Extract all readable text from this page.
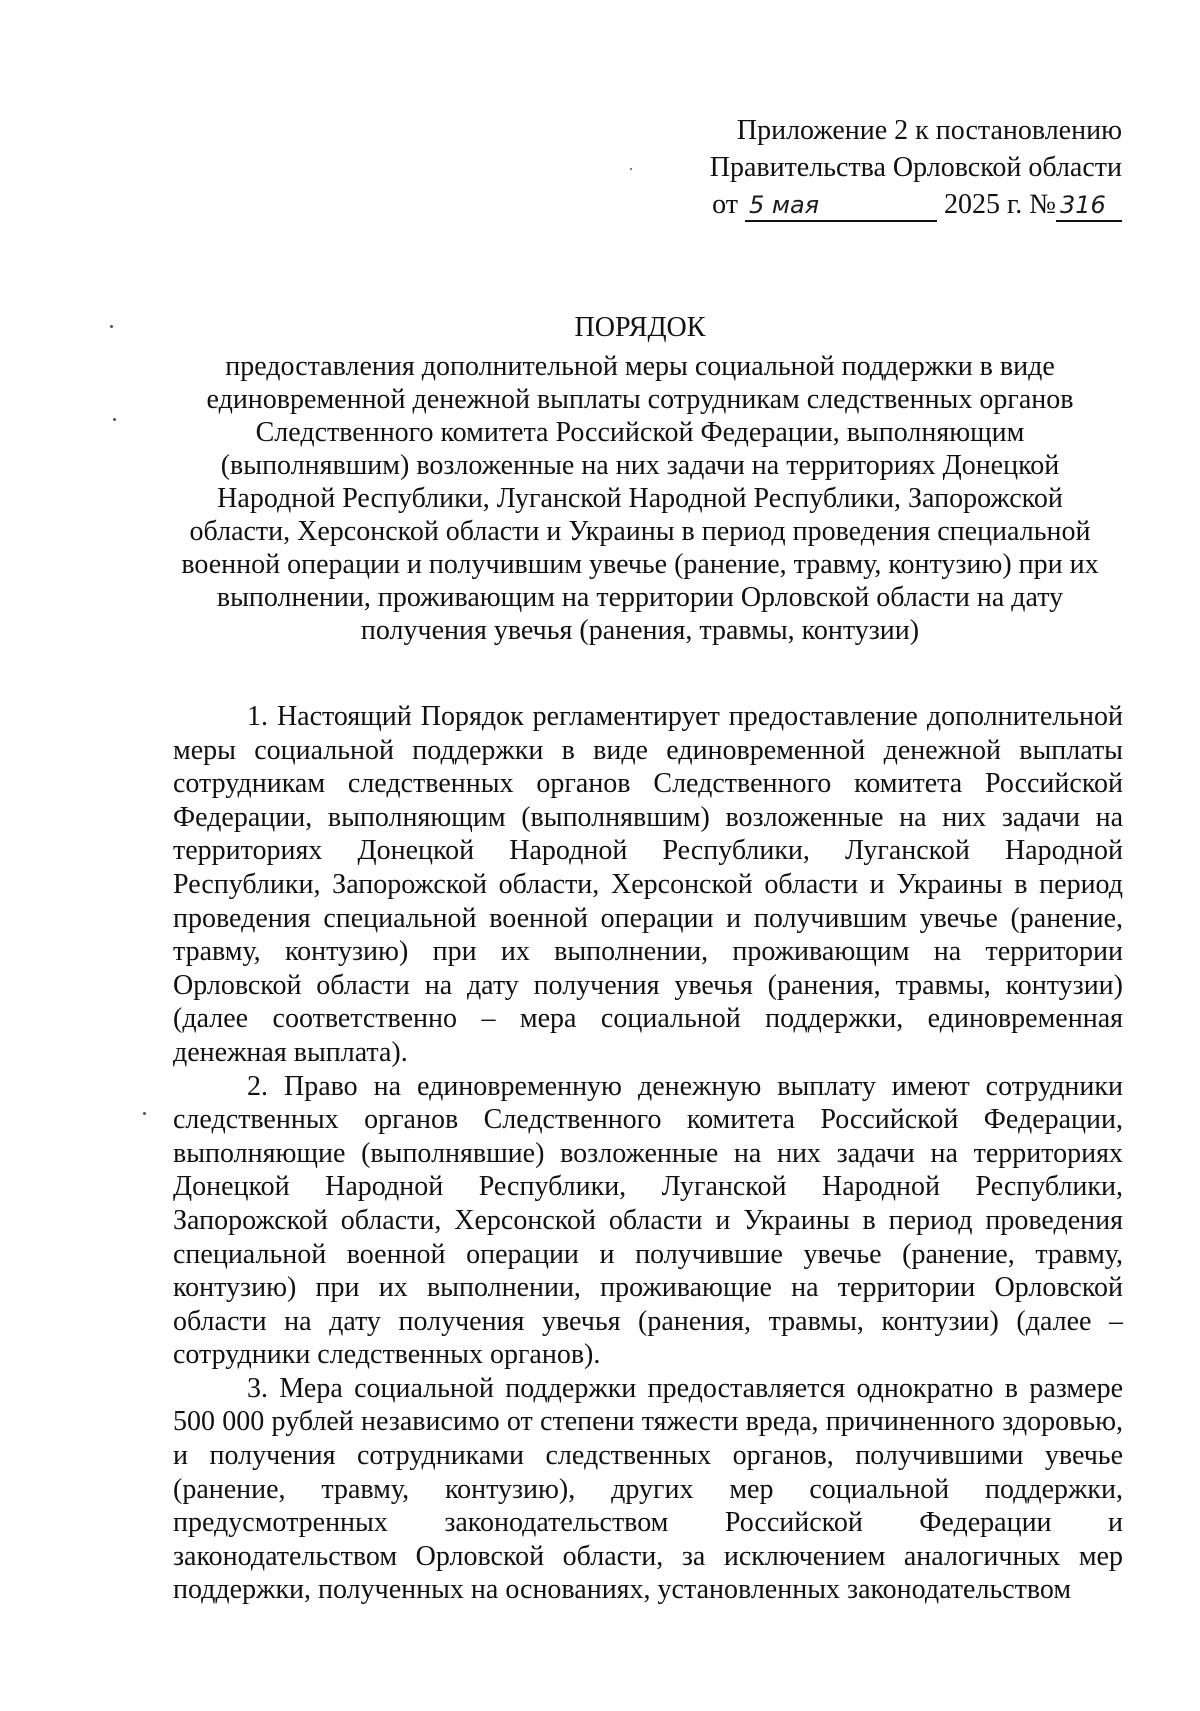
Приложение 2 к постановлению
Правительства Орловской области
от
5 мая
	2025 г. № 316
ПОРЯДОК
предоставления дополнительной меры социальной поддержки в виде единовременной денежной выплаты сотрудникам следственных органов Следственного комитета Российской Федерации, выполняющим (выполнявшим) возложенные на них задачи на территориях Донецкой Народной Республики, Луганской Народной Республики, Запорожской области, Херсонской области и Украины в период проведения специальной военной операции и получившим увечье (ранение, травму, контузию) при их выполнении, проживающим на территории Орловской области на дату получения увечья (ранения, травмы, контузии)

1. Настоящий Порядок регламентирует предоставление дополнительной меры социальной поддержки в виде единовременной денежной выплаты сотрудникам следственных органов Следственного комитета Российской Федерации, выполняющим (выполнявшим) возложенные на них задачи на территориях Донецкой Народной Республики, Луганской Народной Республики, Запорожской области, Херсонской области и Украины в период проведения специальной военной операции и получившим увечье (ранение, травму, контузию) при их выполнении, проживающим на территории Орловской области на дату получения увечья (ранения, травмы, контузии) (далее соответственно – мера социальной поддержки, единовременная денежная выплата).

2. Право на единовременную денежную выплату имеют сотрудники следственных органов Следственного комитета Российской Федерации, выполняющие (выполнявшие) возложенные на них задачи на территориях Донецкой Народной Республики, Луганской Народной Республики, Запорожской области, Херсонской области и Украины в период проведения специальной военной операции и получившие увечье (ранение, травму, контузию) при их выполнении, проживающие на территории Орловской области на дату получения увечья (ранения, травмы, контузии) (далее – сотрудники следственных органов).

3. Мера социальной поддержки предоставляется однократно в размере 500 000 рублей независимо от степени тяжести вреда, причиненного здоровью, и получения сотрудниками следственных органов, получившими увечье (ранение, травму, контузию), других мер социальной поддержки, предусмотренных законодательством Российской Федерации и законодательством Орловской области, за исключением аналогичных мер поддержки, полученных на основаниях, установленных законодательством
